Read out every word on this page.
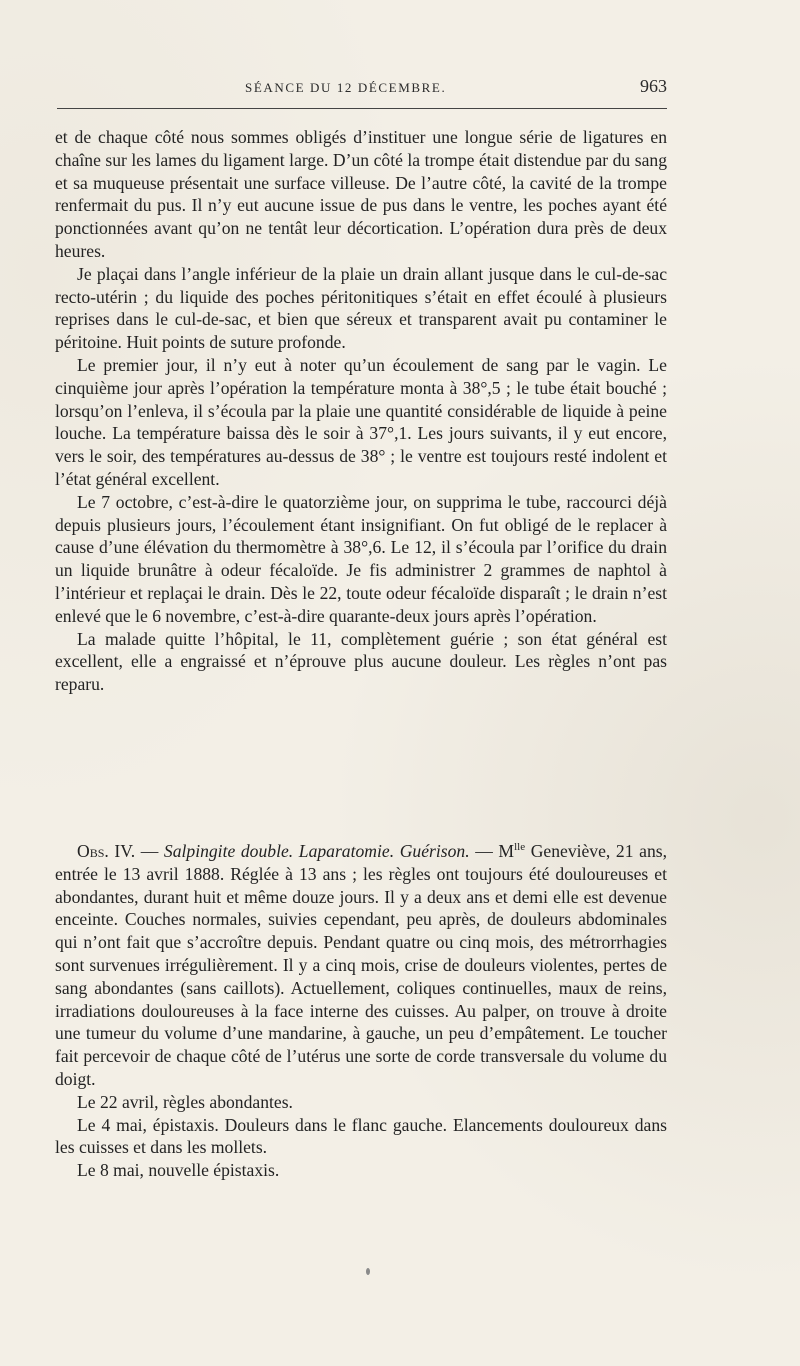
SÉANCE DU 12 DÉCEMBRE.	963

et de chaque côté nous sommes obligés d’instituer une longue série de ligatures en chaîne sur les lames du ligament large. D’un côté la trompe était distendue par du sang et sa muqueuse présentait une surface villeuse. De l’autre côté, la cavité de la trompe renfermait du pus. Il n’y eut aucune issue de pus dans le ventre, les poches ayant été ponctionnées avant qu’on ne tentât leur décortication. L’opération dura près de deux heures.

Je plaçai dans l’angle inférieur de la plaie un drain allant jusque dans le cul-de-sac recto-utérin ; du liquide des poches péritonitiques s’était en effet écoulé à plusieurs reprises dans le cul-de-sac, et bien que séreux et transparent avait pu contaminer le péritoine. Huit points de suture profonde.

Le premier jour, il n’y eut à noter qu’un écoulement de sang par le vagin. Le cinquième jour après l’opération la température monta à 38°,5 ; le tube était bouché ; lorsqu’on l’enleva, il s’écoula par la plaie une quantité considérable de liquide à peine louche. La température baissa dès le soir à 37°,1. Les jours suivants, il y eut encore, vers le soir, des températures au-dessus de 38° ; le ventre est toujours resté indolent et l’état général excellent.

Le 7 octobre, c’est-à-dire le quatorzième jour, on supprima le tube, raccourci déjà depuis plusieurs jours, l’écoulement étant insignifiant. On fut obligé de le replacer à cause d’une élévation du thermomètre à 38°,6. Le 12, il s’écoula par l’orifice du drain un liquide brunâtre à odeur fécaloïde. Je fis administrer 2 grammes de naphtol à l’intérieur et replaçai le drain. Dès le 22, toute odeur fécaloïde disparaît ; le drain n’est enlevé que le 6 novembre, c’est-à-dire quarante-deux jours après l’opération.

La malade quitte l’hôpital, le 11, complètement guérie ; son état général est excellent, elle a engraissé et n’éprouve plus aucune douleur. Les règles n’ont pas reparu.

Obs. IV. — Salpingite double. Laparatomie. Guérison. — $M^{lle}$ Geneviève, 21 ans, entrée le 13 avril 1888. Réglée à 13 ans ; les règles ont toujours été douloureuses et abondantes, durant huit et même douze jours. Il y a deux ans et demi elle est devenue enceinte. Couches normales, suivies cependant, peu après, de douleurs abdominales qui n’ont fait que s’accroître depuis. Pendant quatre ou cinq mois, des métrorrhagies sont survenues irrégulièrement. Il y a cinq mois, crise de douleurs violentes, pertes de sang abondantes (sans caillots). Actuellement, coliques continuelles, maux de reins, irradiations douloureuses à la face interne des cuisses. Au palper, on trouve à droite une tumeur du volume d’une mandarine, à gauche, un peu d’empâtement. Le toucher fait percevoir de chaque côté de l’utérus une sorte de corde transversale du volume du doigt.

Le 22 avril, règles abondantes.

Le 4 mai, épistaxis. Douleurs dans le flanc gauche. Elancements douloureux dans les cuisses et dans les mollets.

Le 8 mai, nouvelle épistaxis.
